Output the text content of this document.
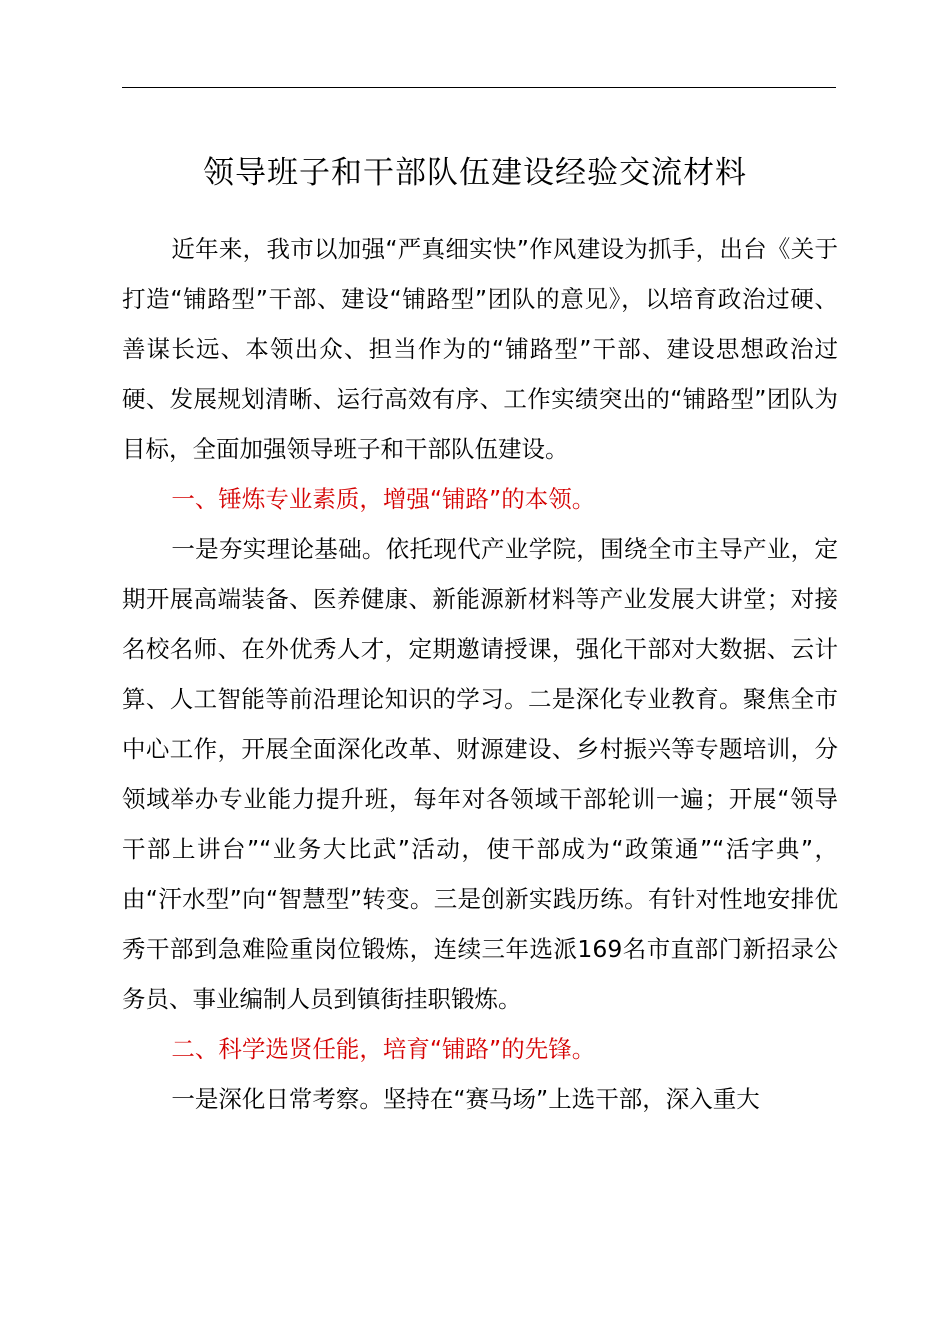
领导班子和干部队伍建设经验交流材料

近年来，我市以加强“严真细实快”作风建设为抓手，出台《关于打造“铺路型”干部、建设“铺路型”团队的意见》，以培育政治过硬、善谋长远、本领出众、担当作为的“铺路型”干部、建设思想政治过硬、发展规划清晰、运行高效有序、工作实绩突出的“铺路型”团队为目标，全面加强领导班子和干部队伍建设。

一、锤炼专业素质，增强“铺路”的本领。

一是夯实理论基础。依托现代产业学院，围绕全市主导产业，定期开展高端装备、医养健康、新能源新材料等产业发展大讲堂；对接名校名师、在外优秀人才，定期邀请授课，强化干部对大数据、云计算、人工智能等前沿理论知识的学习。二是深化专业教育。聚焦全市中心工作，开展全面深化改革、财源建设、乡村振兴等专题培训，分领域举办专业能力提升班，每年对各领域干部轮训一遍；开展“领导干部上讲台”“业务大比武”活动，使干部成为“政策通”“活字典”，由“汗水型”向“智慧型”转变。三是创新实践历练。有针对性地安排优秀干部到急难险重岗位锻炼，连续三年选派169名市直部门新招录公务员、事业编制人员到镇街挂职锻炼。

二、科学选贤任能，培育“铺路”的先锋。

一是深化日常考察。坚持在“赛马场”上选干部，深入重大
